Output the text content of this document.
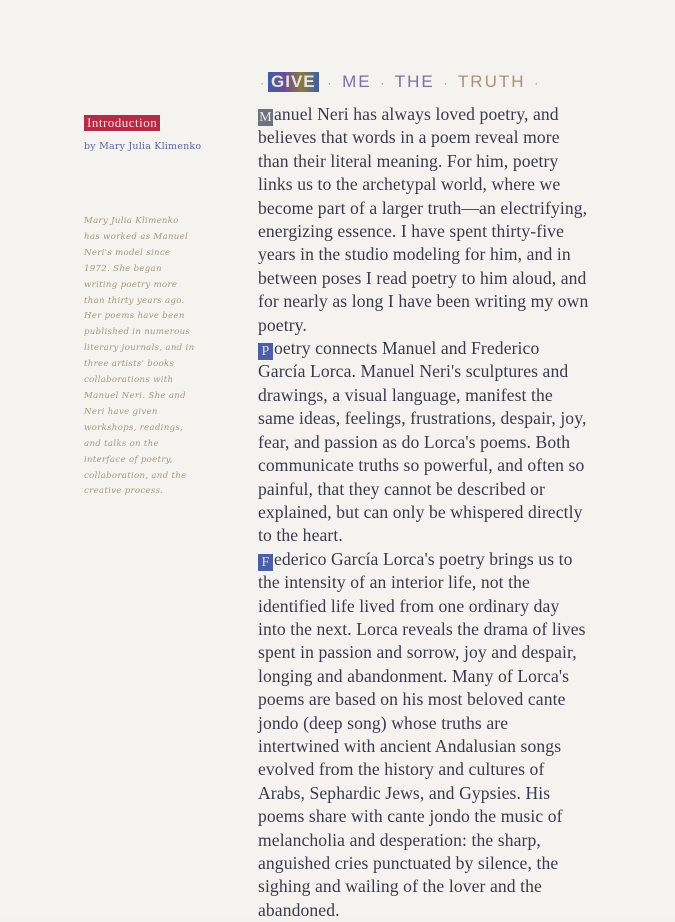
· GIVE · ME · THE · TRUTH ·
Introduction
by Mary Julia Klimenko
Mary Julia Klimenko has worked as Manuel Neri's model since 1972. She began writing poetry more than thirty years ago. Her poems have been published in numerous literary journals, and in three artists' books collaborations with Manuel Neri. She and Neri have given workshops, readings, and talks on the interface of poetry, collaboration, and the creative process.

M anuel Neri has always loved poetry, and believes that words in a poem reveal more than their literal meaning. For him, poetry links us to the archetypal world, where we become part of a larger truth—an electrifying, energizing essence. I have spent thirty-five years in the studio modeling for him, and in between poses I read poetry to him aloud, and for nearly as long I have been writing my own poetry.

P oetry connects Manuel and Frederico García Lorca. Manuel Neri's sculptures and drawings, a visual language, manifest the same ideas, feelings, frustrations, despair, joy, fear, and passion as do Lorca's poems. Both communicate truths so powerful, and often so painful, that they cannot be described or explained, but can only be whispered directly to the heart.

F ederico García Lorca's poetry brings us to the intensity of an interior life, not the identified life lived from one ordinary day into the next. Lorca reveals the drama of lives spent in passion and sorrow, joy and despair, longing and abandonment. Many of Lorca's poems are based on his most beloved cante jondo (deep song) whose truths are intertwined with ancient Andalusian songs evolved from the history and cultures of Arabs, Sephardic Jews, and Gypsies. His poems share with cante jondo the music of melancholia and desperation: the sharp, anguished cries punctuated by silence, the sighing and wailing of the lover and the abandoned.
